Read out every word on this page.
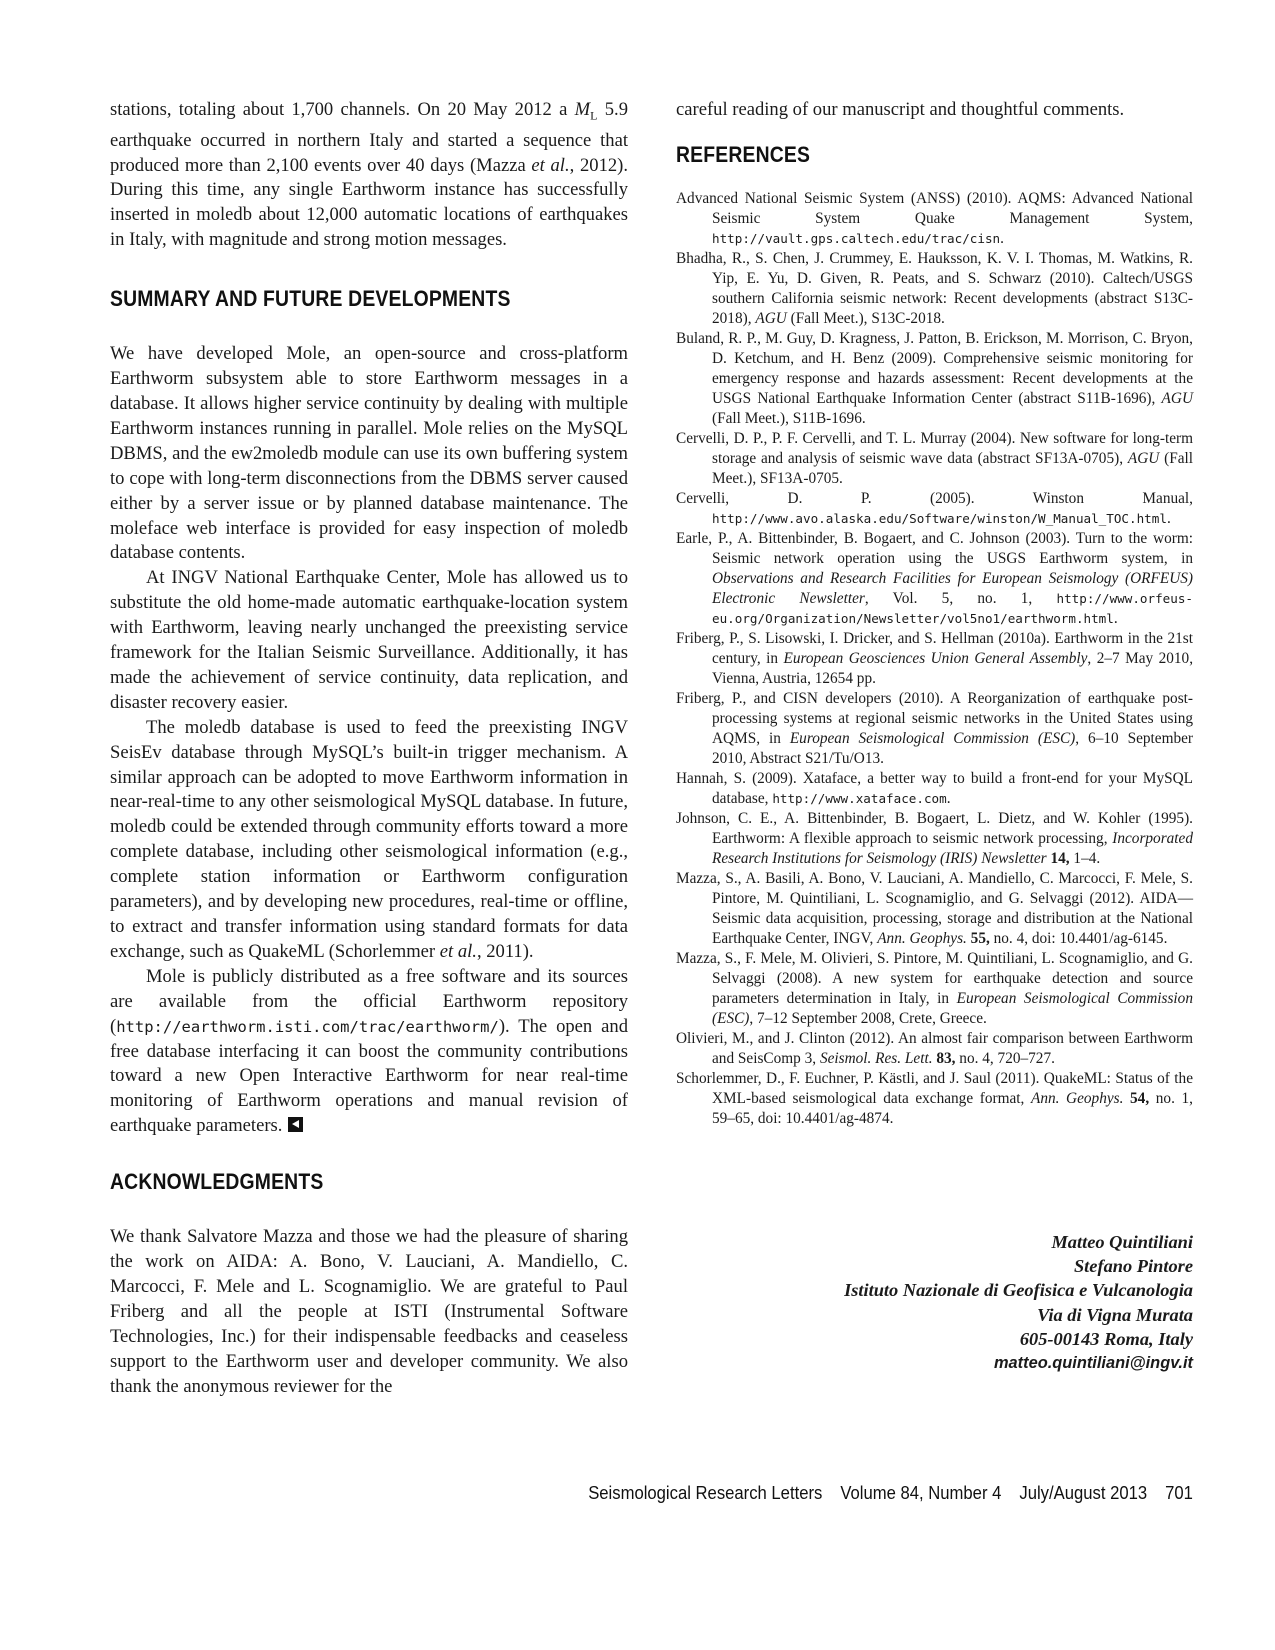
stations, totaling about 1,700 channels. On 20 May 2012 a $M_L$ 5.9 earthquake occurred in northern Italy and started a sequence that produced more than 2,100 events over 40 days (Mazza et al., 2012). During this time, any single Earthworm instance has successfully inserted in moledb about 12,000 automatic locations of earthquakes in Italy, with magnitude and strong motion messages.

SUMMARY AND FUTURE DEVELOPMENTS

We have developed Mole, an open-source and cross-platform Earthworm subsystem able to store Earthworm messages in a database. It allows higher service continuity by dealing with multiple Earthworm instances running in parallel. Mole relies on the MySQL DBMS, and the ew2moledb module can use its own buffering system to cope with long-term disconnections from the DBMS server caused either by a server issue or by planned database maintenance. The moleface web interface is provided for easy inspection of moledb database contents.

At INGV National Earthquake Center, Mole has allowed us to substitute the old home-made automatic earthquake-location system with Earthworm, leaving nearly unchanged the preexisting service framework for the Italian Seismic Surveillance. Additionally, it has made the achievement of service continuity, data replication, and disaster recovery easier.

The moledb database is used to feed the preexisting INGV SeisEv database through MySQL’s built-in trigger mechanism. A similar approach can be adopted to move Earthworm information in near-real-time to any other seismological MySQL database. In future, moledb could be extended through community efforts toward a more complete database, including other seismological information (e.g., complete station information or Earthworm configuration parameters), and by developing new procedures, real-time or offline, to extract and transfer information using standard formats for data exchange, such as QuakeML (Schorlemmer et al., 2011).

Mole is publicly distributed as a free software and its sources are available from the official Earthworm repository (http://earthworm.isti.com/trac/earthworm/). The open and free database interfacing it can boost the community contributions toward a new Open Interactive Earthworm for near real-time monitoring of Earthworm operations and manual revision of earthquake parameters.

ACKNOWLEDGMENTS

We thank Salvatore Mazza and those we had the pleasure of sharing the work on AIDA: A. Bono, V. Lauciani, A. Mandiello, C. Marcocci, F. Mele and L. Scognamiglio. We are grateful to Paul Friberg and all the people at ISTI (Instrumental Software Technologies, Inc.) for their indispensable feedbacks and ceaseless support to the Earthworm user and developer community. We also thank the anonymous reviewer for the

careful reading of our manuscript and thoughtful comments.

REFERENCES

Advanced National Seismic System (ANSS) (2010). AQMS: Advanced National Seismic System Quake Management System, http://vault.gps.caltech.edu/trac/cisn.

Bhadha, R., S. Chen, J. Crummey, E. Hauksson, K. V. I. Thomas, M. Watkins, R. Yip, E. Yu, D. Given, R. Peats, and S. Schwarz (2010). Caltech/USGS southern California seismic network: Recent developments (abstract S13C-2018), AGU (Fall Meet.), S13C-2018.

Buland, R. P., M. Guy, D. Kragness, J. Patton, B. Erickson, M. Morrison, C. Bryon, D. Ketchum, and H. Benz (2009). Comprehensive seismic monitoring for emergency response and hazards assessment: Recent developments at the USGS National Earthquake Information Center (abstract S11B-1696), AGU (Fall Meet.), S11B-1696.

Cervelli, D. P., P. F. Cervelli, and T. L. Murray (2004). New software for long-term storage and analysis of seismic wave data (abstract SF13A-0705), AGU (Fall Meet.), SF13A-0705.

Cervelli, D. P. (2005). Winston Manual, http://www.avo.alaska.edu/Software/winston/W_Manual_TOC.html.

Earle, P., A. Bittenbinder, B. Bogaert, and C. Johnson (2003). Turn to the worm: Seismic network operation using the USGS Earthworm system, in Observations and Research Facilities for European Seismology (ORFEUS) Electronic Newsletter, Vol. 5, no. 1, http://www.orfeus-eu.org/Organization/Newsletter/vol5no1/earthworm.html.

Friberg, P., S. Lisowski, I. Dricker, and S. Hellman (2010a). Earthworm in the 21st century, in European Geosciences Union General Assembly, 2–7 May 2010, Vienna, Austria, 12654 pp.

Friberg, P., and CISN developers (2010). A Reorganization of earthquake post-processing systems at regional seismic networks in the United States using AQMS, in European Seismological Commission (ESC), 6–10 September 2010, Abstract S21/Tu/O13.

Hannah, S. (2009). Xataface, a better way to build a front-end for your MySQL database, http://www.xataface.com.

Johnson, C. E., A. Bittenbinder, B. Bogaert, L. Dietz, and W. Kohler (1995). Earthworm: A flexible approach to seismic network processing, Incorporated Research Institutions for Seismology (IRIS) Newsletter 14, 1–4.

Mazza, S., A. Basili, A. Bono, V. Lauciani, A. Mandiello, C. Marcocci, F. Mele, S. Pintore, M. Quintiliani, L. Scognamiglio, and G. Selvaggi (2012). AIDA—Seismic data acquisition, processing, storage and distribution at the National Earthquake Center, INGV, Ann. Geophys. 55, no. 4, doi: 10.4401/ag-6145.

Mazza, S., F. Mele, M. Olivieri, S. Pintore, M. Quintiliani, L. Scognamiglio, and G. Selvaggi (2008). A new system for earthquake detection and source parameters determination in Italy, in European Seismological Commission (ESC), 7–12 September 2008, Crete, Greece.

Olivieri, M., and J. Clinton (2012). An almost fair comparison between Earthworm and SeisComp 3, Seismol. Res. Lett. 83, no. 4, 720–727.

Schorlemmer, D., F. Euchner, P. Kästli, and J. Saul (2011). QuakeML: Status of the XML-based seismological data exchange format, Ann. Geophys. 54, no. 1, 59–65, doi: 10.4401/ag-4874.

Matteo Quintiliani
Stefano Pintore
Istituto Nazionale di Geofisica e Vulcanologia
Via di Vigna Murata
605-00143 Roma, Italy
matteo.quintiliani@ingv.it
Seismological Research Letters Volume 84, Number 4 July/August 2013 701
